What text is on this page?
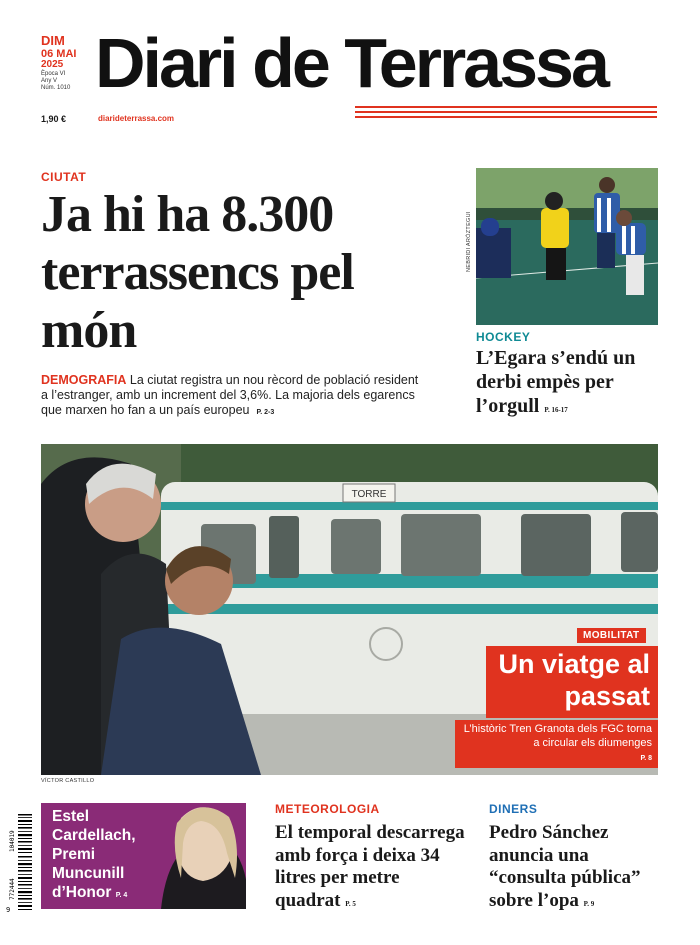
DIM
06 MAI
2025
Època VI
Any V
Núm. 1010
1,90 €
Diari de Terrassa
diarideterrassa.com
CIUTAT
Ja hi ha 8.300 terrassencs pel món
DEMOGRAFIA La ciutat registra un nou rècord de població resident a l’estranger, amb un increment del 3,6%. La majoria dels egarencs que marxen ho fan a un país europeu P. 2-3
NEBRIDI ARÓZTEGUI
HOCKEY
L’Egara s’endú un derbi empès per l’orgull P. 16-17
TORRE
VÍCTOR CASTILLO
MOBILITAT
Un viatge al
passat
L’històric Tren Granota dels FGC torna a circular els diumenges
P. 8
9
772444
104019
Estel Cardellach, Premi Muncunill d’Honor P. 4
METEOROLOGIA
El temporal descarrega amb força i deixa 34 litres per metre quadrat P. 5
DINERS
Pedro Sánchez anuncia una “consulta pública” sobre l’opa P. 9
